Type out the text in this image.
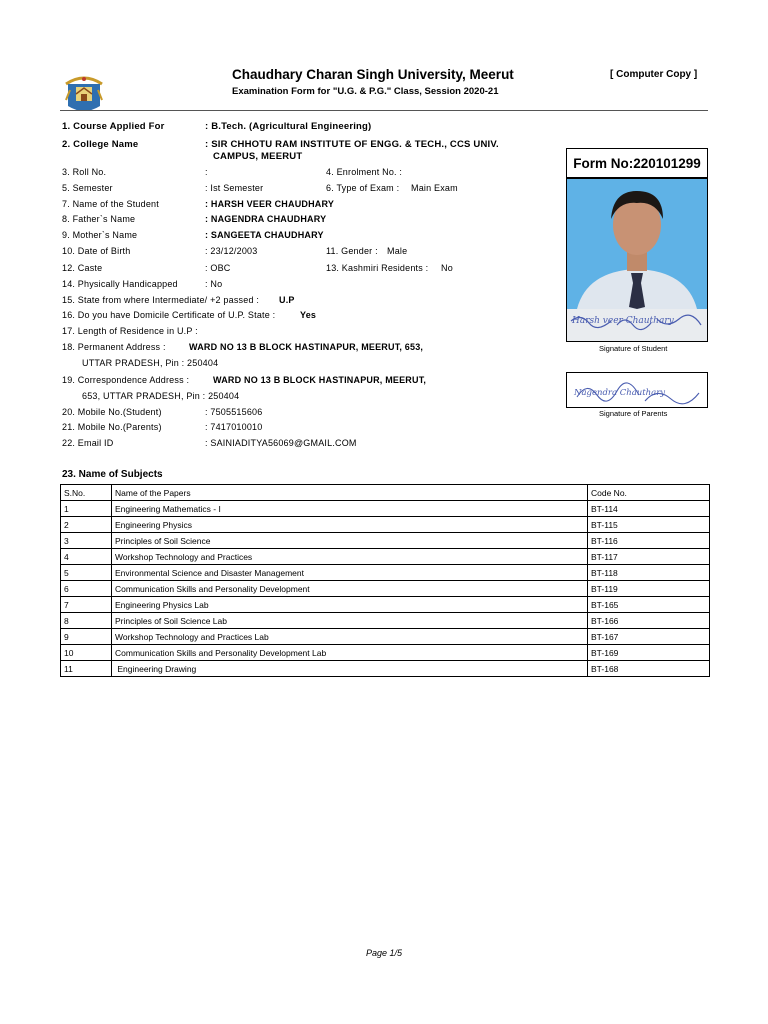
Chaudhary Charan Singh University, Meerut
Examination Form for "U.G. & P.G." Class, Session 2020-21
[ Computer Copy ]
1. Course Applied For	: B.Tech. (Agricultural Engineering)
2. College Name	: SIR CHHOTU RAM INSTITUTE OF ENGG. & TECH., CCS UNIV.
CAMPUS, MEERUT
3. Roll No.	:	4. Enrolment No. :
5. Semester	: Ist Semester	6. Type of Exam : Main Exam
7. Name of the Student	: HARSH VEER CHAUDHARY
8. Father`s Name	: NAGENDRA CHAUDHARY
9. Mother`s Name	: SANGEETA CHAUDHARY
10. Date of Birth	: 23/12/2003	11. Gender : Male
12. Caste	: OBC	13. Kashmiri Residents : No
14. Physically Handicapped	: No
15. State from where Intermediate/ +2 passed : U.P
16. Do you have Domicile Certificate of U.P. State :	Yes
17. Length of Residence in U.P :
18. Permanent Address :	WARD NO 13 B BLOCK HASTINAPUR, MEERUT, 653,
UTTAR PRADESH, Pin : 250404
19. Correspondence Address :	WARD NO 13 B BLOCK HASTINAPUR, MEERUT,
653, UTTAR PRADESH, Pin : 250404
20. Mobile No.(Student)	: 7505515606
21. Mobile No.(Parents)	: 7417010010
22. Email ID	: SAINIADITYA56069@GMAIL.COM
Form No:220101299
Harsh veer Chauthary
Signature of Student
Nagendra Chauthary
Signature of Parents
23. Name of Subjects
S.No.	Name of the Papers	Code No.
1	Engineering Mathematics - I	BT-114
2	Engineering Physics	BT-115
3	Principles of Soil Science	BT-116
4	Workshop Technology and Practices	BT-117
5	Environmental Science and Disaster Management	BT-118
6	Communication Skills and Personality Development	BT-119
7	Engineering Physics Lab	BT-165
8	Principles of Soil Science Lab	BT-166
9	Workshop Technology and Practices Lab	BT-167
10	Communication Skills and Personality Development Lab	BT-169
11	Engineering Drawing	BT-168
Page 1/5
